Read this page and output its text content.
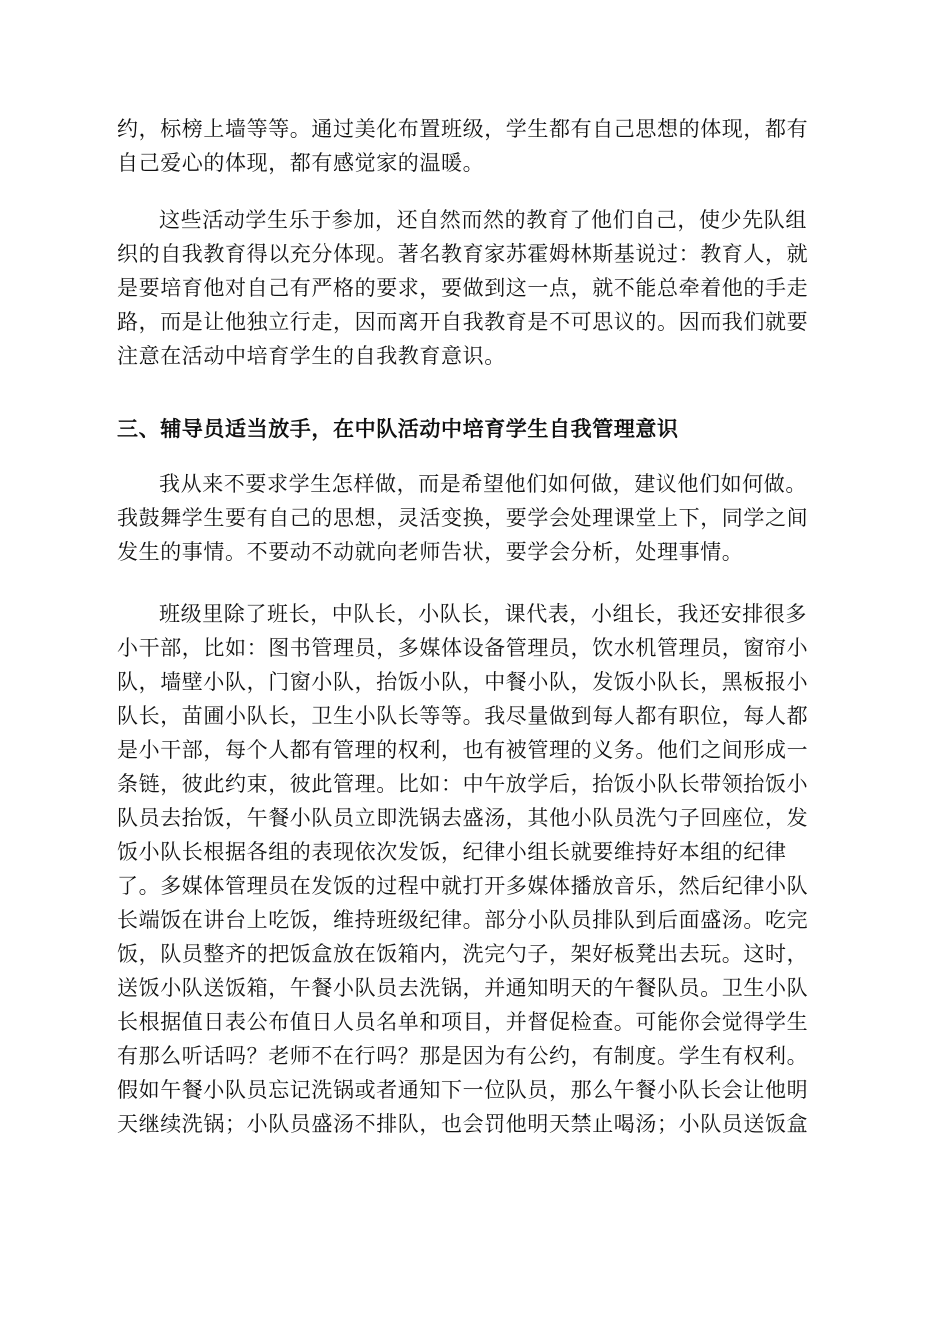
约，标榜上墙等等。通过美化布置班级，学生都有自己思想的体现，都有
自己爱心的体现，都有感觉家的温暖。
这些活动学生乐于参加，还自然而然的教育了他们自己，使少先队组
织的自我教育得以充分体现。著名教育家苏霍姆林斯基说过：教育人，就
是要培育他对自己有严格的要求，要做到这一点，就不能总牵着他的手走
路，而是让他独立行走，因而离开自我教育是不可思议的。因而我们就要
注意在活动中培育学生的自我教育意识。
三、辅导员适当放手，在中队活动中培育学生自我管理意识
我从来不要求学生怎样做，而是希望他们如何做，建议他们如何做。
我鼓舞学生要有自己的思想，灵活变换，要学会处理课堂上下，同学之间
发生的事情。不要动不动就向老师告状，要学会分析，处理事情。
班级里除了班长，中队长，小队长，课代表，小组长，我还安排很多
小干部，比如：图书管理员，多媒体设备管理员，饮水机管理员，窗帘小
队，墙壁小队，门窗小队，抬饭小队，中餐小队，发饭小队长，黑板报小
队长，苗圃小队长，卫生小队长等等。我尽量做到每人都有职位，每人都
是小干部，每个人都有管理的权利，也有被管理的义务。他们之间形成一
条链，彼此约束，彼此管理。比如：中午放学后，抬饭小队长带领抬饭小
队员去抬饭，午餐小队员立即洗锅去盛汤，其他小队员洗勺子回座位，发
饭小队长根据各组的表现依次发饭，纪律小组长就要维持好本组的纪律
了。多媒体管理员在发饭的过程中就打开多媒体播放音乐，然后纪律小队
长端饭在讲台上吃饭，维持班级纪律。部分小队员排队到后面盛汤。吃完
饭，队员整齐的把饭盒放在饭箱内，洗完勺子，架好板凳出去玩。这时，
送饭小队送饭箱，午餐小队员去洗锅，并通知明天的午餐队员。卫生小队
长根据值日表公布值日人员名单和项目，并督促检查。可能你会觉得学生
有那么听话吗？老师不在行吗？那是因为有公约，有制度。学生有权利。
假如午餐小队员忘记洗锅或者通知下一位队员，那么午餐小队长会让他明
天继续洗锅；小队员盛汤不排队，也会罚他明天禁止喝汤；小队员送饭盒
